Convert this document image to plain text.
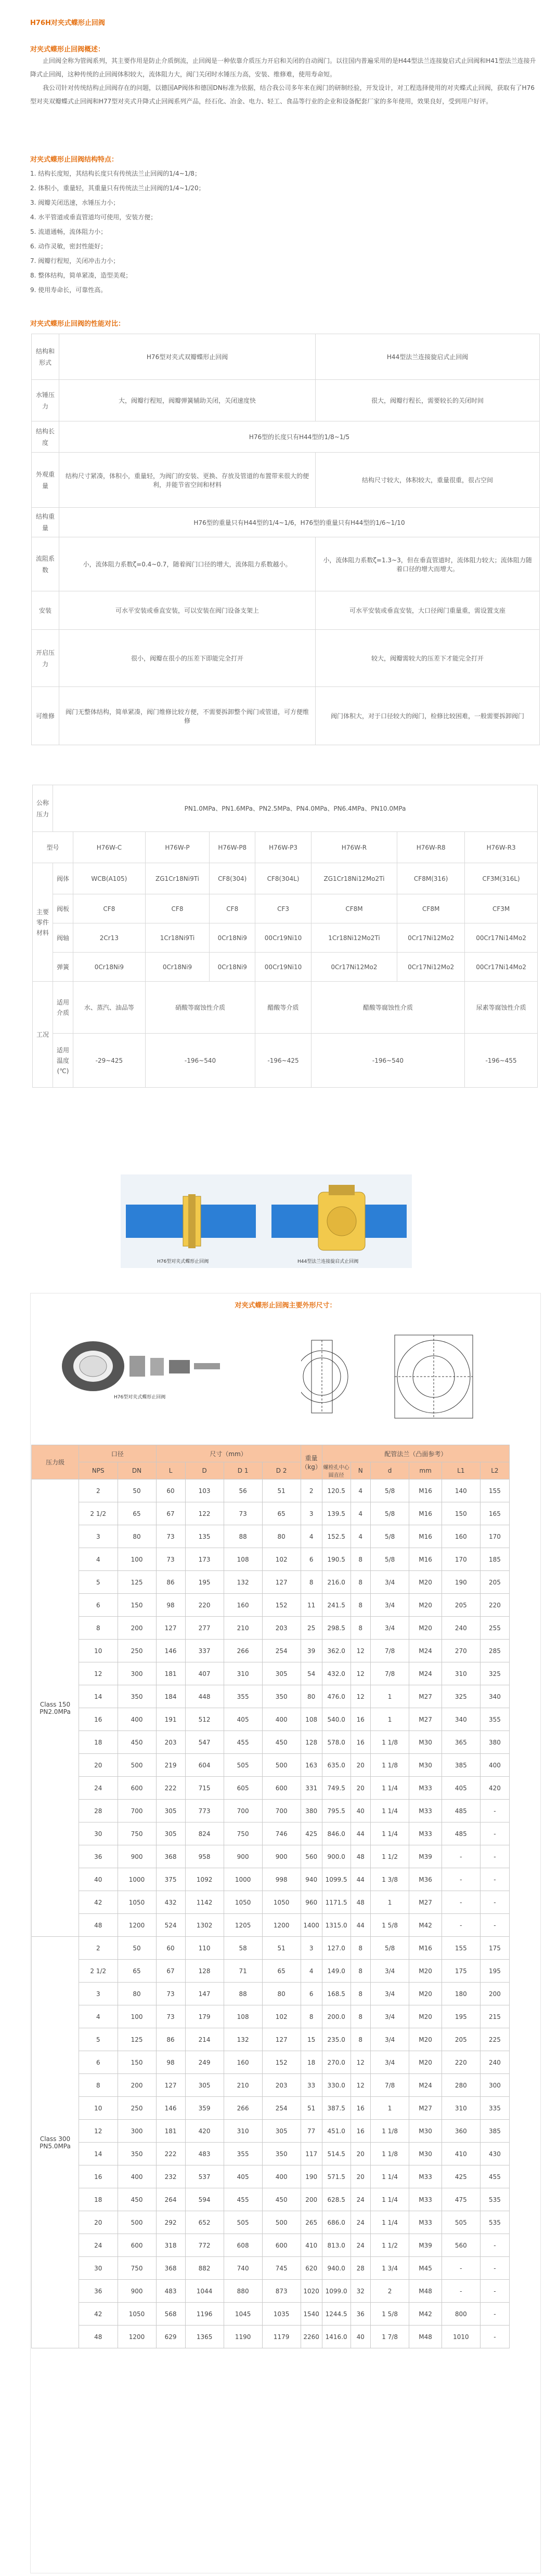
H76H对夹式蝶形止回阀
对夹式蝶形止回阀概述：

止回阀全称为管阀系列，其主要作用是防止介质倒流，止回阀是一种依靠介质压力开启和关闭的自动阀门。以往国内普遍采用的是H44型法兰连接旋启式止回阀和H41型法兰连接升降式止回阀，这种传统的止回阀体积较大，流体阻力大，阀门关闭时水锤压力高，安装、维修难，使用寿命短。

我公司针对传统结构止回阀存在的问题，以德国AP阀体和德国DN标准为依据，结合我公司多年来在阀门的研制经验，开发设计，对工程选择使用的对夹蝶式止回阀，获取有了H76型对夹双瓣蝶式止回阀和H77型对夹式升降式止回阀系列产品，经石化、冶金、电力、轻工、食品等行业的企业和设备配套厂家的多年使用，效果良好，受到用户好评。

对夹式蝶形止回阀结构特点：
1. 结构长度短，其结构长度只有传统法兰止回阀的1/4~1/8；
2. 体积小，重量轻，其重量只有传统法兰止回阀的1/4~1/20；
3. 阀瓣关闭迅速，水锤压力小；
4. 水平管道或垂直管道均可使用，安装方便；
5. 流道通畅，流体阻力小；
6. 动作灵敏，密封性能好；
7. 阀瓣行程短，关闭冲击力小；
8. 整体结构，简单紧凑，造型美观；
9. 使用寿命长，可靠性高。
对夹式蝶形止回阀的性能对比：
结构和形式	H76型对夹式双瓣蝶形止回阀	H44型法兰连接旋启式止回阀
水锤压力	大，阀瓣行程短，阀瓣弹簧辅助关闭，关闭速度快	很大，阀瓣行程长，需要较长的关闭时间
结构长度	H76型的长度只有H44型的1/8~1/5	
外观重量	结构尺寸紧凑，体积小，重量轻，为阀门的安装、更换、存放及管道的布置带来很大的便利，并能节省空间和材料	结构尺寸较大，体积较大，重量很重，很占空间
结构重量	H76型的重量只有H44型的1/4~1/6，H76型的重量只有H44型的1/6~1/10	
流阻系数	小，流体阻力系数ζ=0.4~0.7，随着阀门口径的增大，流体阻力系数越小。	小，流体阻力系数ζ=1.3~3，但在垂直管道时，流体阻力较大；流体阻力随着口径的增大而增大。
安装	可水平安装或垂直安装，可以安装在阀门设备支架上	可水平安装或垂直安装，大口径阀门重量重，需设置支座
开启压力	很小，阀瓣在很小的压差下即能完全打开	较大，阀瓣需较大的压差下才能完全打开
可维修	阀门无整体结构，简单紧凑，阀门维修比较方便，不需要拆卸整个阀门或管道，可方便维修	阀门体积大，对于口径较大的阀门，检修比较困难，一般需要拆卸阀门
公称压力	PN1.0MPa、PN1.6MPa、PN2.5MPa、PN4.0MPa、PN6.4MPa、PN10.0MPa							
型号		H76W-C	H76W-P	H76W-P8	H76W-P3	H76W-R	H76W-R8	H76W-R3
主要零件材料	阀体	WCB(A105)	ZG1Cr18Ni9Ti	CF8(304)	CF8(304L)	ZG1Cr18Ni12Mo2Ti	CF8M(316)	CF3M(316L)
	阀板	CF8	CF8	CF8	CF3	CF8M	CF8M	CF3M
	阀轴	2Cr13	1Cr18Ni9Ti	0Cr18Ni9	00Cr19Ni10	1Cr18Ni12Mo2Ti	0Cr17Ni12Mo2	00Cr17Ni14Mo2
	弹簧	0Cr18Ni9	0Cr18Ni9	0Cr18Ni9	00Cr19Ni10	0Cr17Ni12Mo2	0Cr17Ni12Mo2	00Cr17Ni14Mo2
工况	适用介质	水、蒸汽、油品等	硝酸等腐蚀性介质		醋酸等介质	醋酸等腐蚀性介质		尿素等腐蚀性介质
	适用温度(℃)	-29~425	-196~540		-196~425	-196~540		-196~455
H76型对夹式蝶形止回阀	H44型法兰连接旋启式止回阀
对夹式蝶形止回阀主要外形尺寸：
H76型对夹式蝶形止回阀
压力级	口径		尺寸（mm）				重量（kg）	配管法兰（凸面参考）					
	NPS	DN	L	D	D 1	D 2		螺栓孔中心圆直径	N	d	mm	L1	L2
Class 150 PN2.0MPa	2	50	60	103	56	51	2	120.5	4	5/8	M16	140	155
	2 1/2	65	67	122	73	65	3	139.5	4	5/8	M16	150	165
	3	80	73	135	88	80	4	152.5	4	5/8	M16	160	170
	4	100	73	173	108	102	6	190.5	8	5/8	M16	170	185
	5	125	86	195	132	127	8	216.0	8	3/4	M20	190	205
	6	150	98	220	160	152	11	241.5	8	3/4	M20	205	220
	8	200	127	277	210	203	25	298.5	8	3/4	M20	240	255
	10	250	146	337	266	254	39	362.0	12	7/8	M24	270	285
	12	300	181	407	310	305	54	432.0	12	7/8	M24	310	325
	14	350	184	448	355	350	80	476.0	12	1	M27	325	340
	16	400	191	512	405	400	108	540.0	16	1	M27	340	355
	18	450	203	547	455	450	128	578.0	16	1 1/8	M30	365	380
	20	500	219	604	505	500	163	635.0	20	1 1/8	M30	385	400
	24	600	222	715	605	600	331	749.5	20	1 1/4	M33	405	420
	28	700	305	773	700	700	380	795.5	40	1 1/4	M33	485	-
	30	750	305	824	750	746	425	846.0	44	1 1/4	M33	485	-
	36	900	368	958	900	900	560	900.0	48	1 1/2	M39	-	-
	40	1000	375	1092	1000	998	940	1099.5	44	1 3/8	M36	-	-
	42	1050	432	1142	1050	1050	960	1171.5	48	1	M27	-	-
	48	1200	524	1302	1205	1200	1400	1315.0	44	1 5/8	M42	-	-
Class 300 PN5.0MPa	2	50	60	110	58	51	3	127.0	8	5/8	M16	155	175
	2 1/2	65	67	128	71	65	4	149.0	8	3/4	M20	175	195
	3	80	73	147	88	80	6	168.5	8	3/4	M20	180	200
	4	100	73	179	108	102	8	200.0	8	3/4	M20	195	215
	5	125	86	214	132	127	15	235.0	8	3/4	M20	205	225
	6	150	98	249	160	152	18	270.0	12	3/4	M20	220	240
	8	200	127	305	210	203	33	330.0	12	7/8	M24	280	300
	10	250	146	359	266	254	51	387.5	16	1	M27	310	335
	12	300	181	420	310	305	77	451.0	16	1 1/8	M30	360	385
	14	350	222	483	355	350	117	514.5	20	1 1/8	M30	410	430
	16	400	232	537	405	400	190	571.5	20	1 1/4	M33	425	455
	18	450	264	594	455	450	200	628.5	24	1 1/4	M33	475	535
	20	500	292	652	505	500	265	686.0	24	1 1/4	M33	505	535
	24	600	318	772	608	600	410	813.0	24	1 1/2	M39	560	-
	30	750	368	882	740	745	620	940.0	28	1 3/4	M45	-	-
	36	900	483	1044	880	873	1020	1099.0	32	2	M48	-	-
	42	1050	568	1196	1045	1035	1540	1244.5	36	1 5/8	M42	800	-
	48	1200	629	1365	1190	1179	2260	1416.0	40	1 7/8	M48	1010	-
